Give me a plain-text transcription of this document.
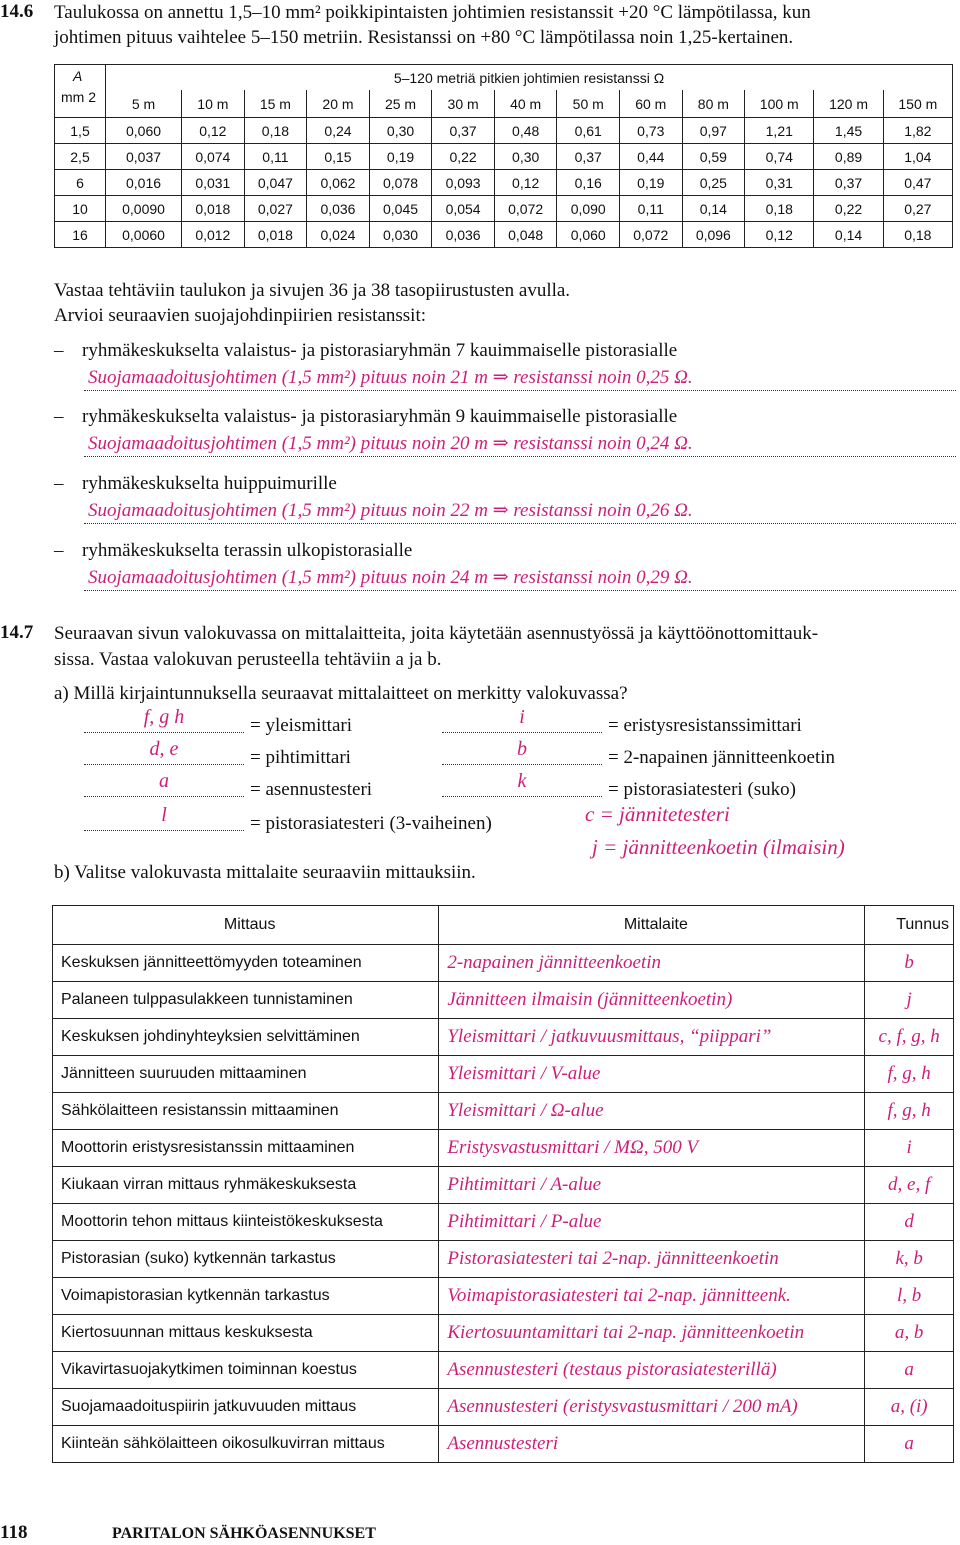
14.6 Taulukossa on annettu 1,5–10 mm² poikkipintaisten johtimien resistanssit +20 °C lämpötilassa, kun
johtimen pituus vaihtelee 5–150 metriin. Resistanssi on +80 °C lämpötilassa noin 1,25-kertainen.
A
mm 2	5–120 metriä pitkien johtimien resistanssi Ω												
	5 m	10 m	15 m	20 m	25 m	30 m	40 m	50 m	60 m	80 m	100 m	120 m	150 m
1,5	0,060	0,12	0,18	0,24	0,30	0,37	0,48	0,61	0,73	0,97	1,21	1,45	1,82
2,5	0,037	0,074	0,11	0,15	0,19	0,22	0,30	0,37	0,44	0,59	0,74	0,89	1,04
6	0,016	0,031	0,047	0,062	0,078	0,093	0,12	0,16	0,19	0,25	0,31	0,37	0,47
10	0,0090	0,018	0,027	0,036	0,045	0,054	0,072	0,090	0,11	0,14	0,18	0,22	0,27
16	0,0060	0,012	0,018	0,024	0,030	0,036	0,048	0,060	0,072	0,096	0,12	0,14	0,18
Vastaa tehtäviin taulukon ja sivujen 36 ja 38 tasopiirustusten avulla.
Arvioi seuraavien suojajohdinpiirien resistanssit:
– ryhmäkeskukselta valaistus- ja pistorasiaryhmän 7 kauimmaiselle pistorasialle
Suojamaadoitusjohtimen (1,5 mm²) pituus noin 21 m ⇒ resistanssi noin 0,25 Ω.
– ryhmäkeskukselta valaistus- ja pistorasiaryhmän 9 kauimmaiselle pistorasialle
Suojamaadoitusjohtimen (1,5 mm²) pituus noin 20 m ⇒ resistanssi noin 0,24 Ω.
– ryhmäkeskukselta huippuimurille
Suojamaadoitusjohtimen (1,5 mm²) pituus noin 22 m ⇒ resistanssi noin 0,26 Ω.
– ryhmäkeskukselta terassin ulkopistorasialle
Suojamaadoitusjohtimen (1,5 mm²) pituus noin 24 m ⇒ resistanssi noin 0,29 Ω.
14.7 Seuraavan sivun valokuvassa on mittalaitteita, joita käytetään asennustyössä ja käyttöönottomittauk-
sissa. Vastaa valokuvan perusteella tehtäviin a ja b.
a) Millä kirjaintunnuksella seuraavat mittalaitteet on merkitty valokuvassa?
f, g h	= yleismittari
d, e	= pihtimittari
a	= asennustesteri
l	= pistorasiatesteri (3-vaiheinen)
i	= eristysresistanssimittari
b	= 2-napainen jännitteenkoetin
k	= pistorasiatesteri (suko)
c = jännitetesteri
j = jännitteenkoetin (ilmaisin)
b) Valitse valokuvasta mittalaite seuraaviin mittauksiin.
Mittaus	Mittalaite	Tunnus
Keskuksen jännitteettömyyden toteaminen	2-napainen jännitteenkoetin	b
Palaneen tulppasulakkeen tunnistaminen	Jännitteen ilmaisin (jännitteenkoetin)	j
Keskuksen johdinyhteyksien selvittäminen	Yleismittari / jatkuvuusmittaus, “piippari”	c, f, g, h
Jännitteen suuruuden mittaaminen	Yleismittari / V-alue	f, g, h
Sähkölaitteen resistanssin mittaaminen	Yleismittari / Ω-alue	f, g, h
Moottorin eristysresistanssin mittaaminen	Eristysvastusmittari / MΩ, 500 V	i
Kiukaan virran mittaus ryhmäkeskuksesta	Pihtimittari / A-alue	d, e, f
Moottorin tehon mittaus kiinteistökeskuksesta	Pihtimittari / P-alue	d
Pistorasian (suko) kytkennän tarkastus	Pistorasiatesteri tai 2-nap. jännitteenkoetin	k, b
Voimapistorasian kytkennän tarkastus	Voimapistorasiatesteri tai 2-nap. jännitteenk.	l, b
Kiertosuunnan mittaus keskuksesta	Kiertosuuntamittari tai 2-nap. jännitteenkoetin	a, b
Vikavirtasuojakytkimen toiminnan koestus	Asennustesteri (testaus pistorasiatesterillä)	a
Suojamaadoituspiirin jatkuvuuden mittaus	Asennustesteri (eristysvastusmittari / 200 mA)	a, (i)
Kiinteän sähkölaitteen oikosulkuvirran mittaus	Asennustesteri	a
118	PARITALON SÄHKÖASENNUKSET
